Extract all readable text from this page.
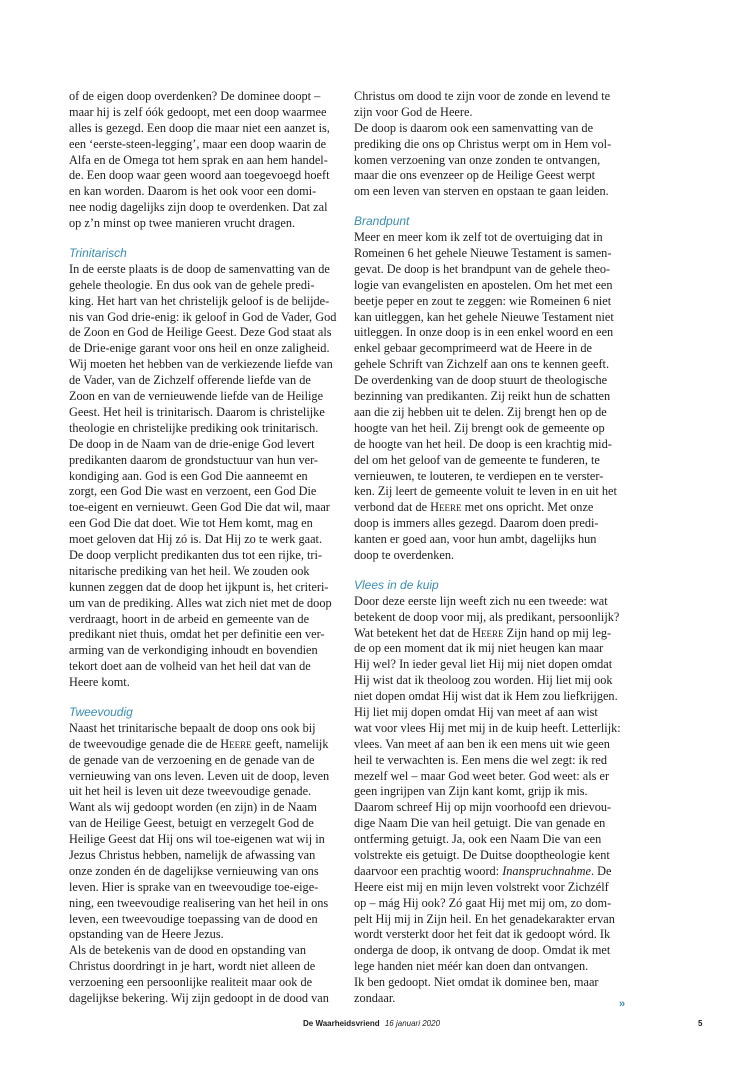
of de eigen doop overdenken? De dominee doopt –
maar hij is zelf óók gedoopt, met een doop waarmee
alles is gezegd. Een doop die maar niet een aanzet is,
een ‘eerste-steen-legging’, maar een doop waarin de
Alfa en de Omega tot hem sprak en aan hem handel-
de. Een doop waar geen woord aan toegevoegd hoeft
en kan worden. Daarom is het ook voor een domi-
nee nodig dagelijks zijn doop te overdenken. Dat zal
op z’n minst op twee manieren vrucht dragen.
Trinitarisch
In de eerste plaats is de doop de samenvatting van de
gehele theologie. En dus ook van de gehele predi-
king. Het hart van het christelijk geloof is de belijde-
nis van God drie-enig: ik geloof in God de Vader, God
de Zoon en God de Heilige Geest. Deze God staat als
de Drie-enige garant voor ons heil en onze zaligheid.
Wij moeten het hebben van de verkiezende liefde van
de Vader, van de Zichzelf offerende liefde van de
Zoon en van de vernieuwende liefde van de Heilige
Geest. Het heil is trinitarisch. Daarom is christelijke
theologie en christelijke prediking ook trinitarisch.
De doop in de Naam van de drie-enige God levert
predikanten daarom de grondstuctuur van hun ver-
kondiging aan. God is een God Die aanneemt en
zorgt, een God Die wast en verzoent, een God Die
toe-eigent en vernieuwt. Geen God Die dat wil, maar
een God Die dat doet. Wie tot Hem komt, mag en
moet geloven dat Hij zó is. Dat Hij zo te werk gaat.
De doop verplicht predikanten dus tot een rijke, tri-
nitarische prediking van het heil. We zouden ook
kunnen zeggen dat de doop het ijkpunt is, het criteri-
um van de prediking. Alles wat zich niet met de doop
verdraagt, hoort in de arbeid en gemeente van de
predikant niet thuis, omdat het per definitie een ver-
arming van de verkondiging inhoudt en bovendien
tekort doet aan de volheid van het heil dat van de
Heere komt.
Tweevoudig
Naast het trinitarische bepaalt de doop ons ook bij
de tweevoudige genade die de Heere geeft, namelijk
de genade van de verzoening en de genade van de
vernieuwing van ons leven. Leven uit de doop, leven
uit het heil is leven uit deze tweevoudige genade.
Want als wij gedoopt worden (en zijn) in de Naam
van de Heilige Geest, betuigt en verzegelt God de
Heilige Geest dat Hij ons wil toe-eigenen wat wij in
Jezus Christus hebben, namelijk de afwassing van
onze zonden én de dagelijkse vernieuwing van ons
leven. Hier is sprake van en tweevoudige toe-eige-
ning, een tweevoudige realisering van het heil in ons
leven, een tweevoudige toepassing van de dood en
opstanding van de Heere Jezus.
Als de betekenis van de dood en opstanding van
Christus doordringt in je hart, wordt niet alleen de
verzoening een persoonlijke realiteit maar ook de
dagelijkse bekering. Wij zijn gedoopt in de dood van
Christus om dood te zijn voor de zonde en levend te
zijn voor God de Heere.
De doop is daarom ook een samenvatting van de
prediking die ons op Christus werpt om in Hem vol-
komen verzoening van onze zonden te ontvangen,
maar die ons evenzeer op de Heilige Geest werpt
om een leven van sterven en opstaan te gaan leiden.
Brandpunt
Meer en meer kom ik zelf tot de overtuiging dat in
Romeinen 6 het gehele Nieuwe Testament is samen-
gevat. De doop is het brandpunt van de gehele theo-
logie van evangelisten en apostelen. Om het met een
beetje peper en zout te zeggen: wie Romeinen 6 niet
kan uitleggen, kan het gehele Nieuwe Testament niet
uitleggen. In onze doop is in een enkel woord en een
enkel gebaar gecomprimeerd wat de Heere in de
gehele Schrift van Zichzelf aan ons te kennen geeft.
De overdenking van de doop stuurt de theologische
bezinning van predikanten. Zij reikt hun de schatten
aan die zij hebben uit te delen. Zij brengt hen op de
hoogte van het heil. Zij brengt ook de gemeente op
de hoogte van het heil. De doop is een krachtig mid-
del om het geloof van de gemeente te funderen, te
vernieuwen, te louteren, te verdiepen en te verster-
ken. Zij leert de gemeente voluit te leven in en uit het
verbond dat de Heere met ons opricht. Met onze
doop is immers alles gezegd. Daarom doen predi-
kanten er goed aan, voor hun ambt, dagelijks hun
doop te overdenken.
Vlees in de kuip
Door deze eerste lijn weeft zich nu een tweede: wat
betekent de doop voor mij, als predikant, persoonlijk?
Wat betekent het dat de Heere Zijn hand op mij leg-
de op een moment dat ik mij niet heugen kan maar
Hij wel? In ieder geval liet Hij mij niet dopen omdat
Hij wist dat ik theoloog zou worden. Hij liet mij ook
niet dopen omdat Hij wist dat ik Hem zou liefkrijgen.
Hij liet mij dopen omdat Hij van meet af aan wist
wat voor vlees Hij met mij in de kuip heeft. Letterlijk:
vlees. Van meet af aan ben ik een mens uit wie geen
heil te verwachten is. Een mens die wel zegt: ik red
mezelf wel – maar God weet beter. God weet: als er
geen ingrijpen van Zijn kant komt, grijp ik mis.
Daarom schreef Hij op mijn voorhoofd een drievou-
dige Naam Die van heil getuigt. Die van genade en
ontferming getuigt. Ja, ook een Naam Die van een
volstrekte eis getuigt. De Duitse dooptheologie kent
daarvoor een prachtig woord: Inanspruchnahme. De
Heere eist mij en mijn leven volstrekt voor Zichzélf
op – mág Hij ook? Zó gaat Hij met mij om, zo dom-
pelt Hij mij in Zijn heil. En het genadekarakter ervan
wordt versterkt door het feit dat ik gedoopt wórd. Ik
onderga de doop, ik ontvang de doop. Omdat ik met
lege handen niet méér kan doen dan ontvangen.
Ik ben gedoopt. Niet omdat ik dominee ben, maar
zondaar.	»
De Waarheidsvriend 16 januari 2020	5
